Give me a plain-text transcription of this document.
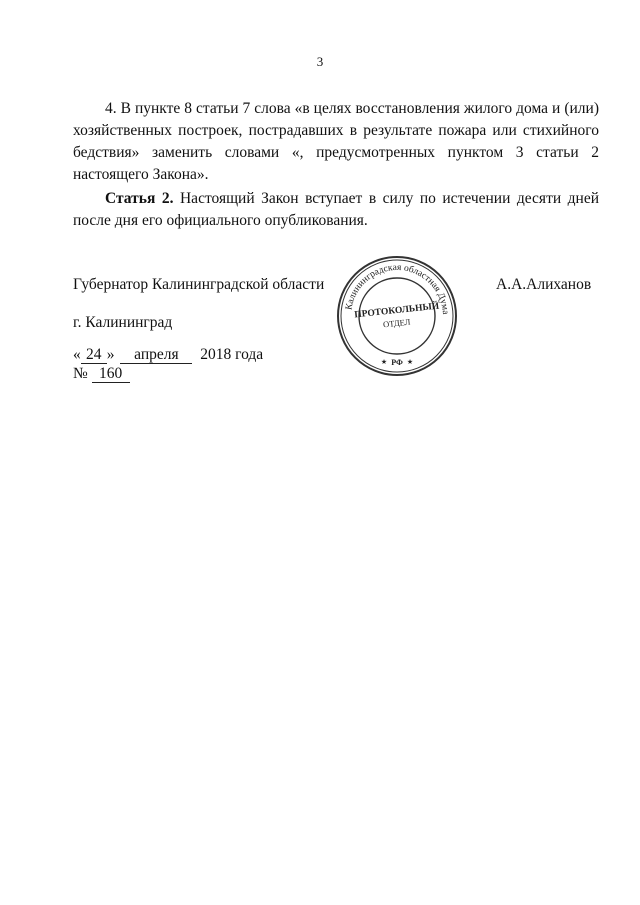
3

4. В пункте 8 статьи 7 слова «в целях восстановления жилого дома и (или) хозяйственных построек, пострадавших в результате пожара или стихийного бедствия» заменить словами «, предусмотренных пунктом 3 статьи 2 настоящего Закона».

Статья 2. Настоящий Закон вступает в силу по истечении десяти дней после дня его официального опубликования.

Губернатор Калининградской области	А.А.Алиханов
г. Калининград
« 24 » апреля 2018 года
№ 160
Калининградская областная Дума
ПРОТОКОЛЬНЫЙ
ОТДЕЛ
РФ
★	★
